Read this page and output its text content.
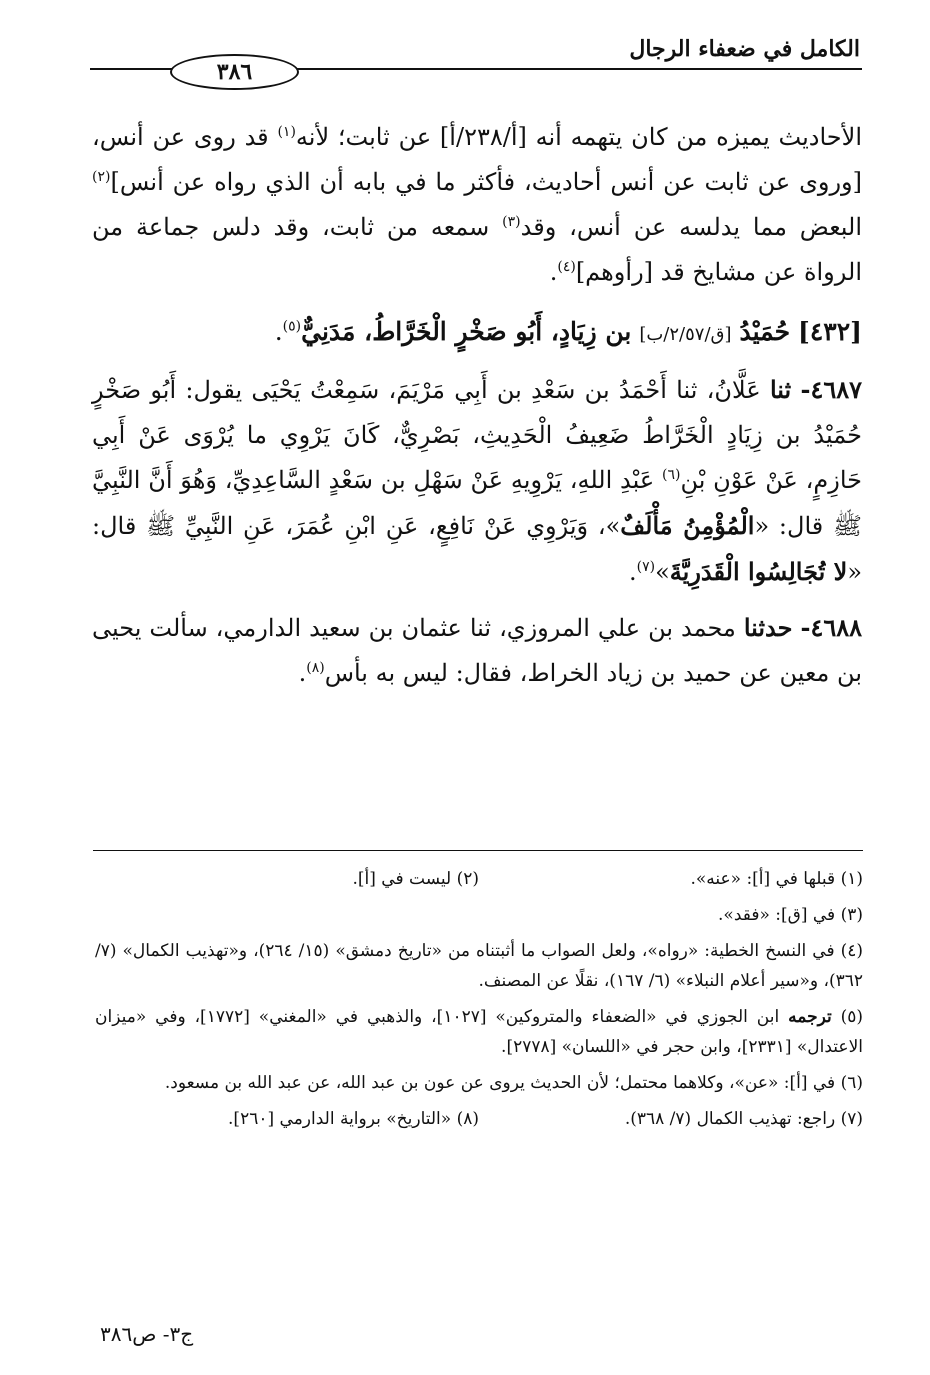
الكامل في ضعفاء الرجال
٣٨٦

الأحاديث يميزه من كان يتهمه أنه [أ/٢٣٨/أ] عن ثابت؛ لأنه$^{(١)}$ قد روى عن أنس، [وروى عن ثابت عن أنس أحاديث، فأكثر ما في بابه أن الذي رواه عن أنس]$^{(٢)}$ البعض مما يدلسه عن أنس، وقد$^{(٣)}$ سمعه من ثابت، وقد دلس جماعة من الرواة عن مشايخ قد [رأوهم]$^{(٤)}$.

[٤٣٢] حُمَيْدُ [ق/٢/٥٧/ب] بن زِيَادٍ، أَبُو صَخْرٍ الْخَرَّاطُ، مَدَنِيٌّ$^{(٥)}$.

٤٦٨٧- ثنا عَلَّانُ، ثنا أَحْمَدُ بن سَعْدِ بن أَبِي مَرْيَمَ، سَمِعْتُ يَحْيَى يقول: أَبُو صَخْرٍ حُمَيْدُ بن زِيَادٍ الْخَرَّاطُ ضَعِيفُ الْحَدِيثِ، بَصْرِيٌّ، كَانَ يَرْوِي ما يُرْوَى عَنْ أَبِي حَازِمٍ، عَنْ عَوْنِ بْنِ$^{(٦)}$ عَبْدِ اللهِ، يَرْوِيهِ عَنْ سَهْلِ بن سَعْدٍ السَّاعِدِيِّ، وَهُوَ أَنَّ النَّبِيَّ ﷺ قال: «الْمُؤْمِنُ مَأْلَفٌ»، وَيَرْوِي عَنْ نَافِعٍ، عَنِ ابْنِ عُمَرَ، عَنِ النَّبِيِّ ﷺ قال: «لا تُجَالِسُوا الْقَدَرِيَّةَ»$^{(٧)}$.

٤٦٨٨- حدثنا محمد بن علي المروزي، ثنا عثمان بن سعيد الدارمي، سألت يحيى بن معين عن حميد بن زياد الخراط، فقال: ليس به بأس$^{(٨)}$.

(١) قبلها في [أ]: «عنه».
(٢) ليست في [أ].

(٣) في [ق]: «فقد».

(٤) في النسخ الخطية: «رواه»، ولعل الصواب ما أثبتناه من «تاريخ دمشق» (١٥/ ٢٦٤)، و«تهذيب الكمال» (٧/ ٣٦٢)، و«سير أعلام النبلاء» (٦/ ١٦٧)، نقلًا عن المصنف.

(٥) ترجمه ابن الجوزي في «الضعفاء والمتروكين» [١٠٢٧]، والذهبي في «المغني» [١٧٧٢]، وفي «ميزان الاعتدال» [٢٣٣١]، وابن حجر في «اللسان» [٢٧٧٨].

(٦) في [أ]: «عن»، وكلاهما محتمل؛ لأن الحديث يروى عن عون بن عبد الله، عن عبد الله بن مسعود.

(٧) راجع: تهذيب الكمال (٧/ ٣٦٨).
(٨) «التاريخ» برواية الدارمي [٢٦٠].
ج٣- ص٣٨٦
